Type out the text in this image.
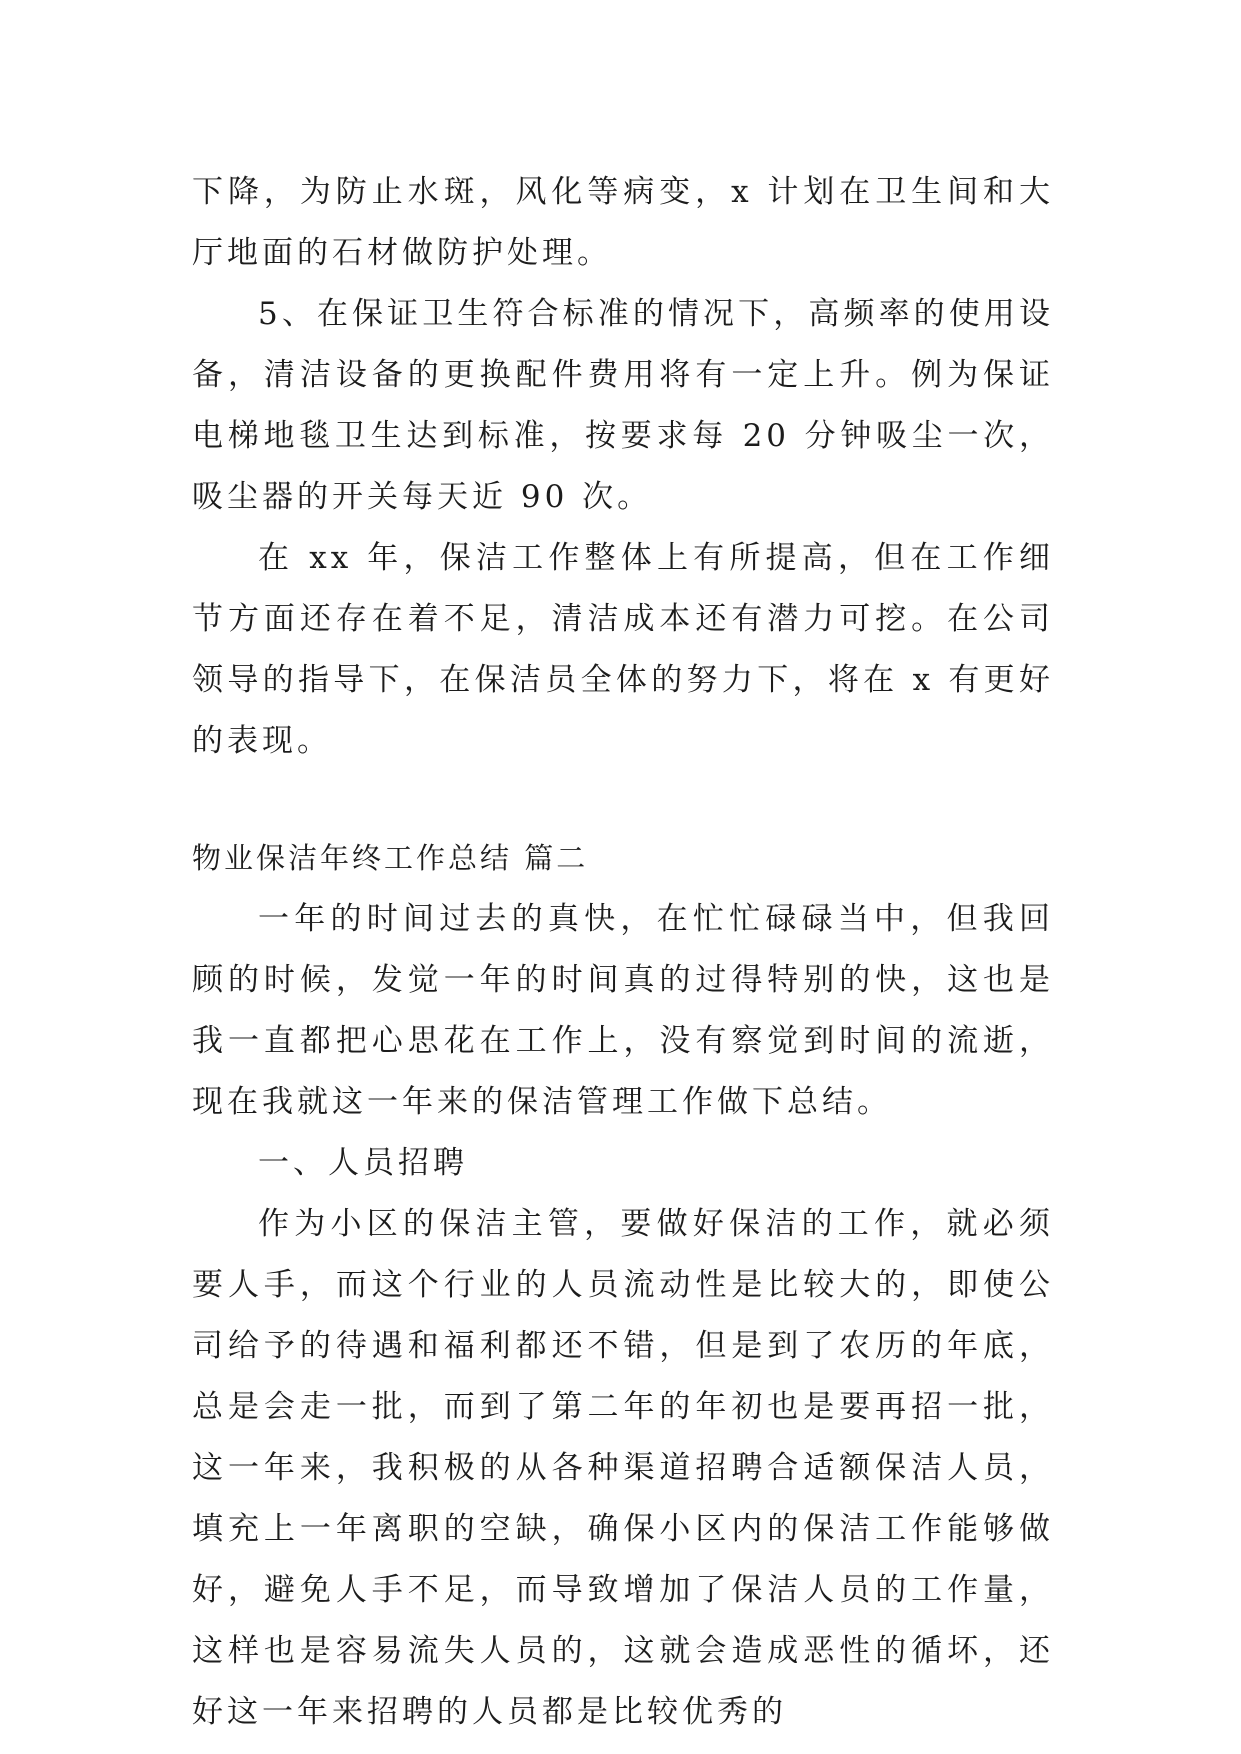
下降，为防止水斑，风化等病变，x 计划在卫生间和大厅地面的石材做防护处理。

5、在保证卫生符合标准的情况下，高频率的使用设备，清洁设备的更换配件费用将有一定上升。例为保证电梯地毯卫生达到标准，按要求每 20 分钟吸尘一次，吸尘器的开关每天近 90 次。

在 xx 年，保洁工作整体上有所提高，但在工作细节方面还存在着不足，清洁成本还有潜力可挖。在公司领导的指导下，在保洁员全体的努力下，将在 x 有更好的表现。

物业保洁年终工作总结 篇二

一年的时间过去的真快，在忙忙碌碌当中，但我回顾的时候，发觉一年的时间真的过得特别的快，这也是我一直都把心思花在工作上，没有察觉到时间的流逝，现在我就这一年来的保洁管理工作做下总结。

一、人员招聘

作为小区的保洁主管，要做好保洁的工作，就必须要人手，而这个行业的人员流动性是比较大的，即使公司给予的待遇和福利都还不错，但是到了农历的年底，总是会走一批，而到了第二年的年初也是要再招一批，这一年来，我积极的从各种渠道招聘合适额保洁人员，填充上一年离职的空缺，确保小区内的保洁工作能够做好，避免人手不足，而导致增加了保洁人员的工作量，这样也是容易流失人员的，这就会造成恶性的循坏，还好这一年来招聘的人员都是比较优秀的
